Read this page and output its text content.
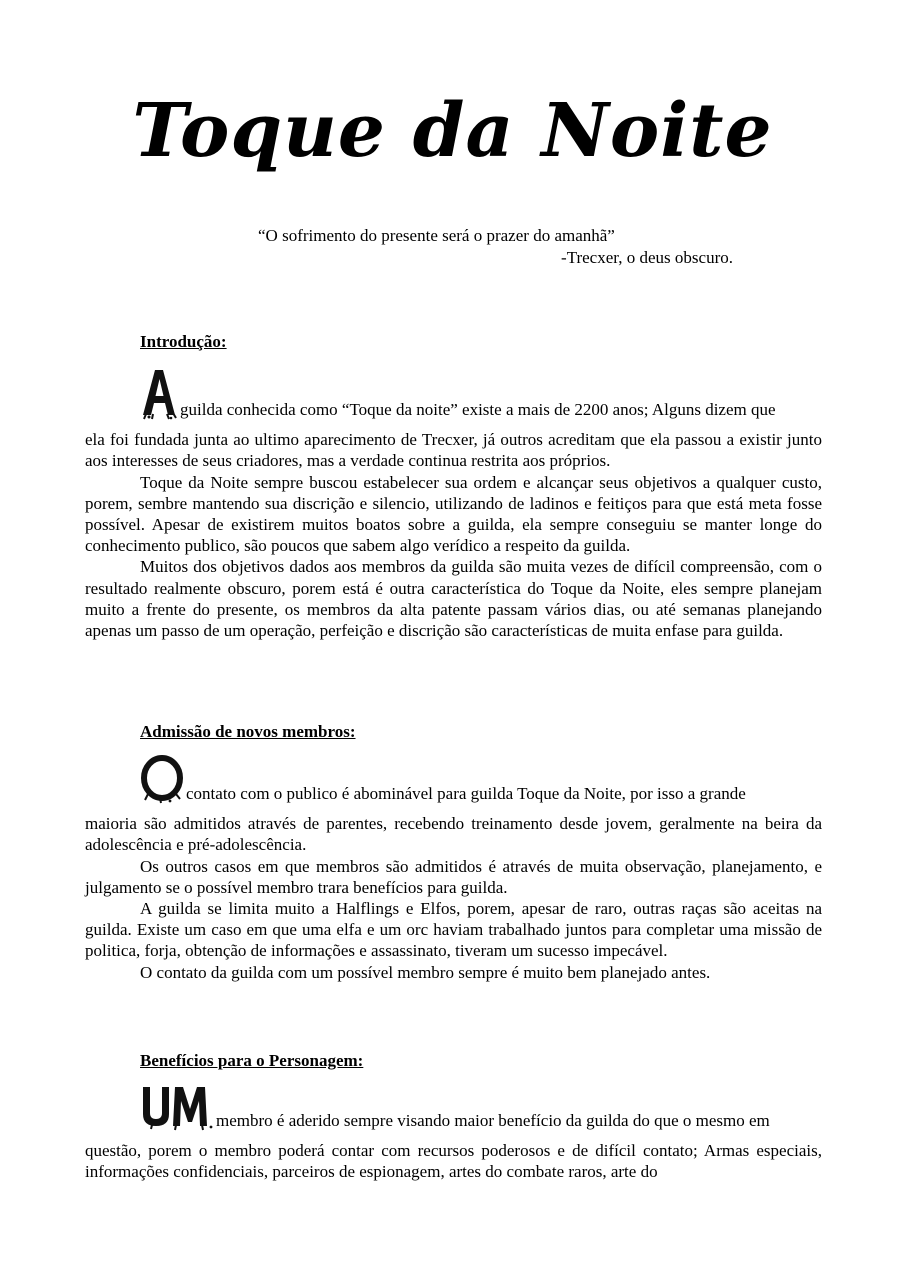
Toque da Noite
“O sofrimento do presente será o prazer do amanhã”
-Trecxer, o deus obscuro.

Introdução:

guilda conhecida como “Toque da noite” existe a mais de 2200 anos; Alguns dizem que

ela foi fundada junta ao ultimo aparecimento de Trecxer, já outros acreditam que ela passou a existir junto aos interesses de seus criadores, mas a verdade continua restrita aos próprios.

Toque da Noite sempre buscou estabelecer sua ordem e alcançar seus objetivos a qualquer custo, porem, sembre mantendo sua discrição e silencio, utilizando de ladinos e feitiços para que está meta fosse possível. Apesar de existirem muitos boatos sobre a guilda, ela sempre conseguiu se manter longe do conhecimento publico, são poucos que sabem algo verídico a respeito da guilda.

Muitos dos objetivos dados aos membros da guilda são muita vezes de difícil compreensão, com o resultado realmente obscuro, porem está é outra característica do Toque da Noite, eles sempre planejam muito a frente do presente, os membros da alta patente passam vários dias, ou até semanas planejando apenas um passo de um operação, perfeição e discrição são características de muita enfase para guilda.

Admissão de novos membros:

contato com o publico é abominável para guilda Toque da Noite, por isso a grande

maioria são admitidos através de parentes, recebendo treinamento desde jovem, geralmente na beira da adolescência e pré-adolescência.

Os outros casos em que membros são admitidos é através de muita observação, planejamento, e julgamento se o possível membro trara benefícios para guilda.

A guilda se limita muito a Halflings e Elfos, porem, apesar de raro, outras raças são aceitas na guilda. Existe um caso em que uma elfa e um orc haviam trabalhado juntos para completar uma missão de politica, forja, obtenção de informações e assassinato, tiveram um sucesso impecável.

O contato da guilda com um possível membro sempre é muito bem planejado antes.

Benefícios para o Personagem:

membro é aderido sempre visando maior benefício da guilda do que o mesmo em

questão, porem o membro poderá contar com recursos poderosos e de difícil contato; Armas especiais, informações confidenciais, parceiros de espionagem, artes do combate raros, arte do
